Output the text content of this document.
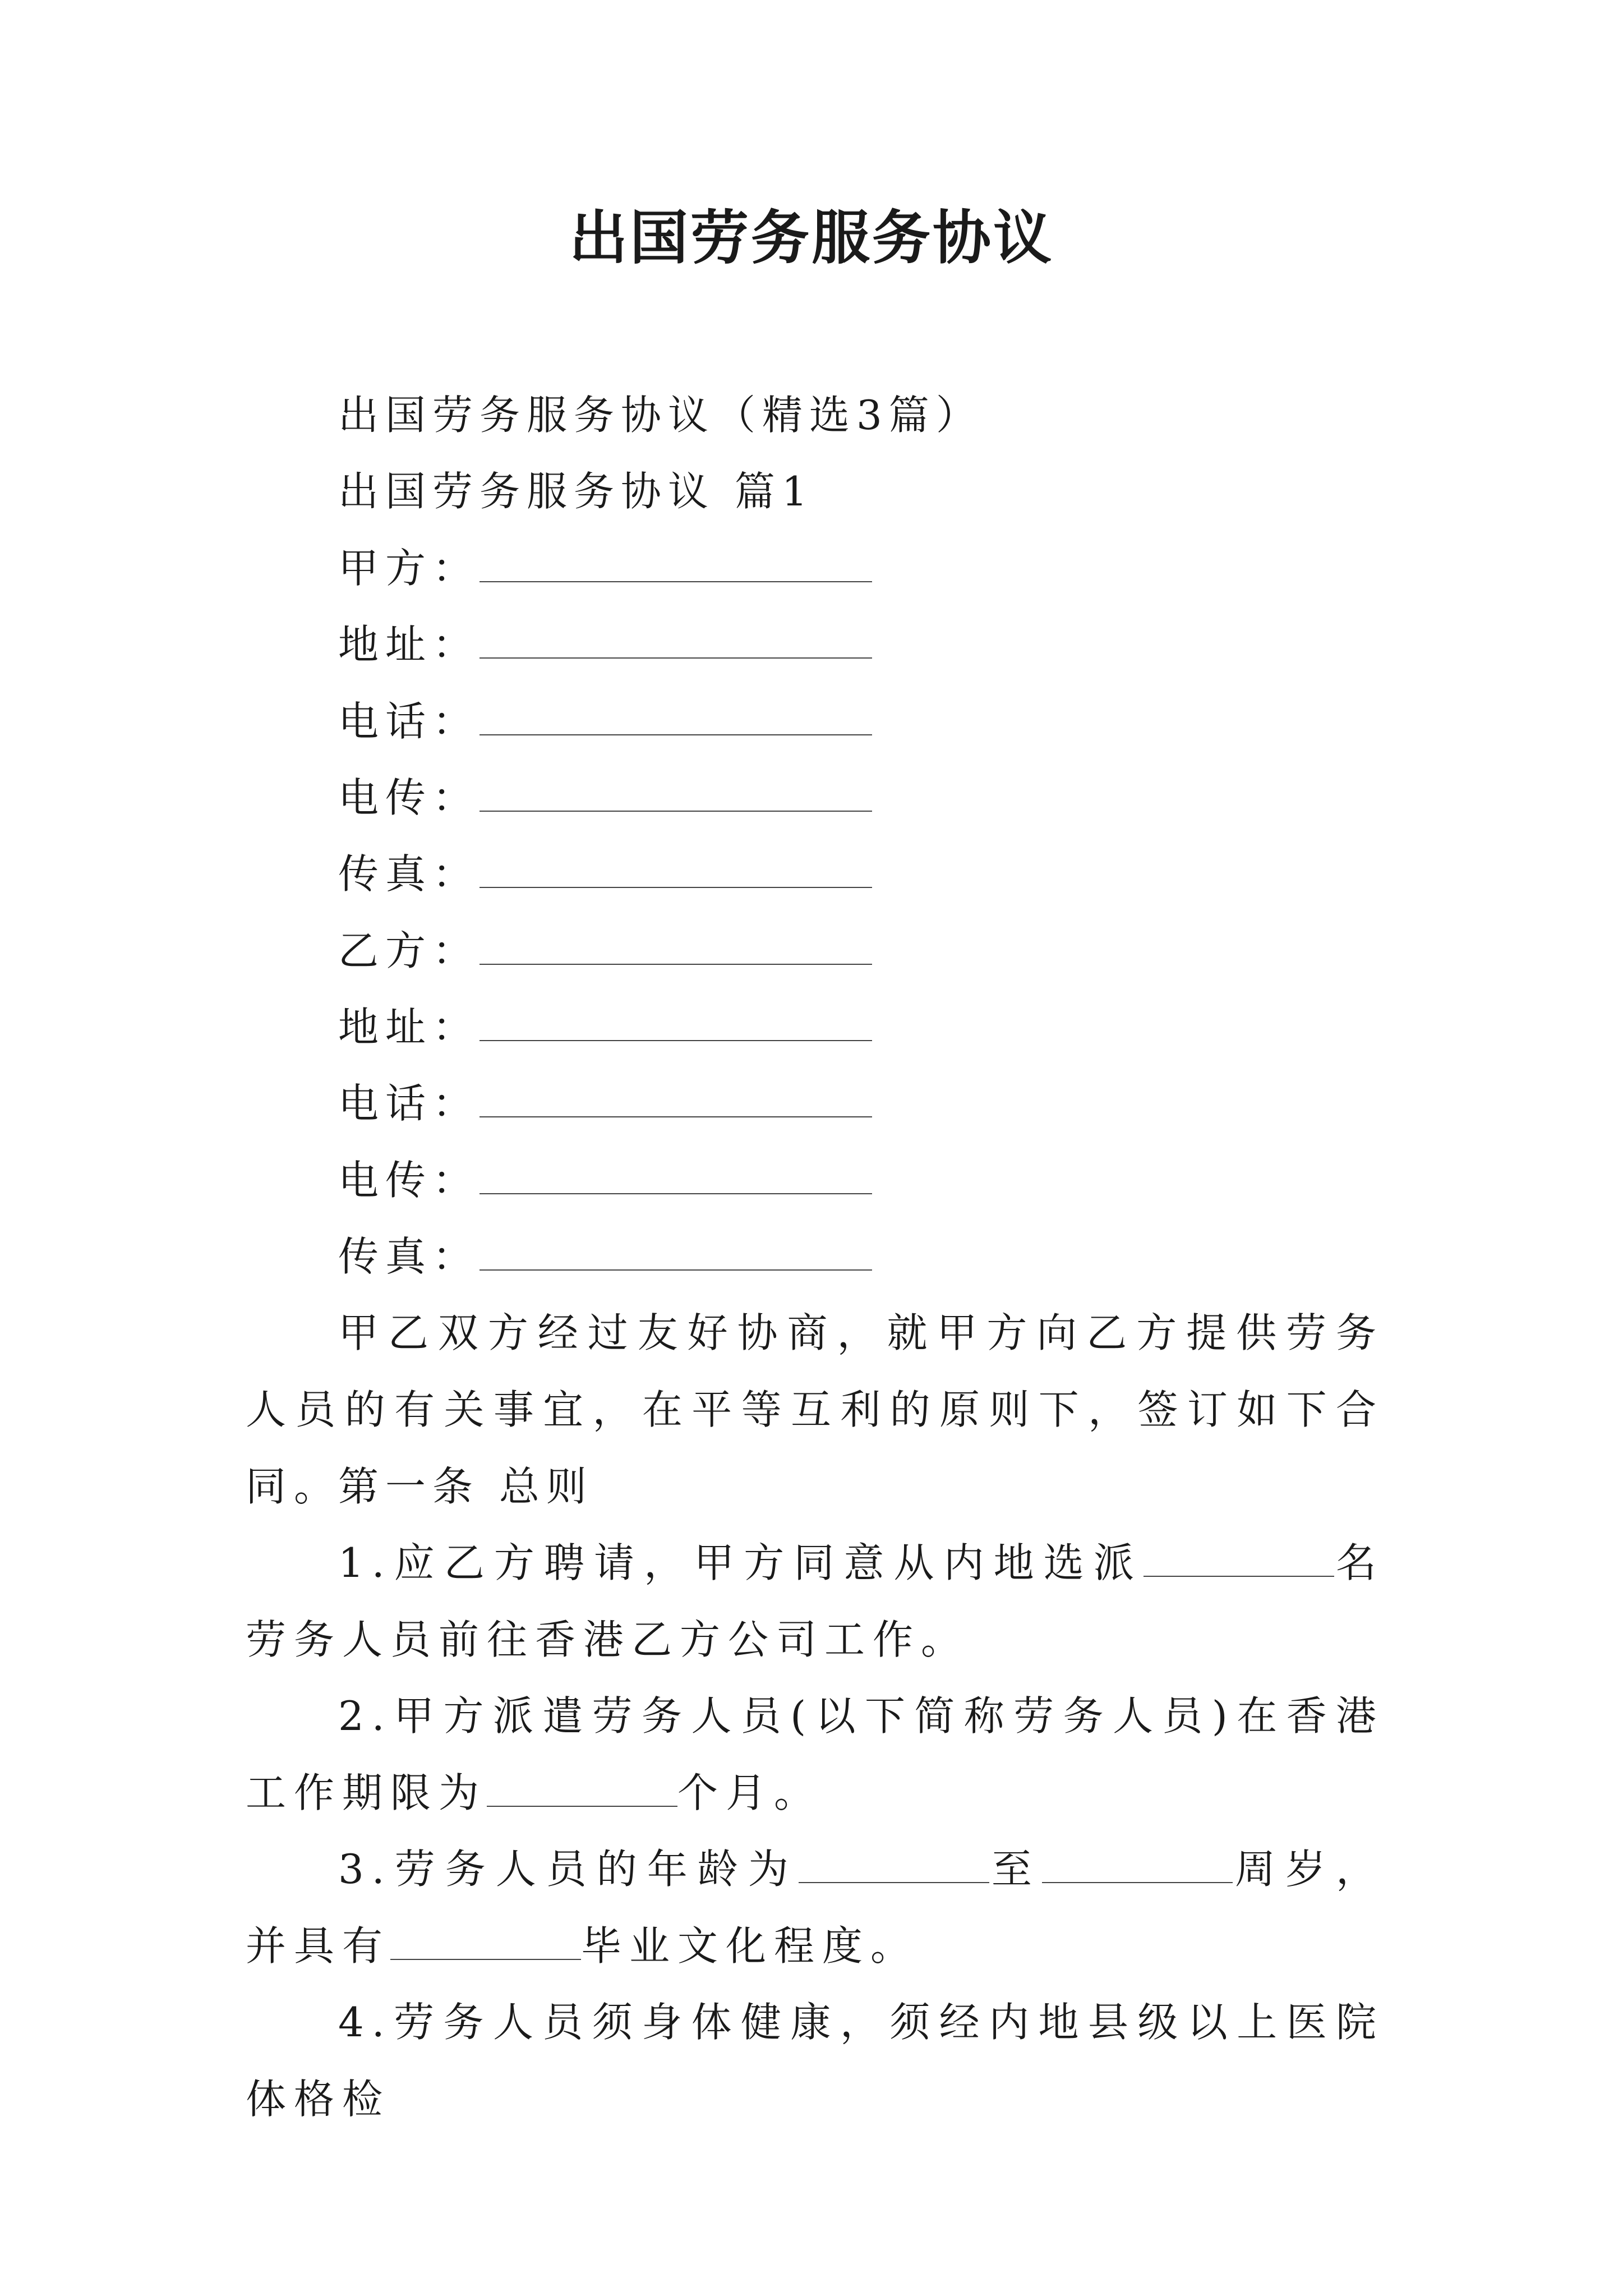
出国劳务服务协议
出国劳务服务协议（精选3篇）
出国劳务服务协议 篇1
甲方：
地址：
电话：
电传：
传真：
乙方：
地址：
电话：
电传：
传真：
甲乙双方经过友好协商，就甲方向乙方提供劳务人员的有关事宜，在平等互利的原则下，签订如下合同。
第一条 总则
1.应乙方聘请，甲方同意从内地选派	名劳务人员前往香港乙方公司工作。
2.甲方派遣劳务人员(以下简称劳务人员)在香港工作期限为	个月。
3.劳务人员的年龄为	至	周岁，并具有	毕业文化程度。
4.劳务人员须身体健康，须经内地县级以上医院体格检
